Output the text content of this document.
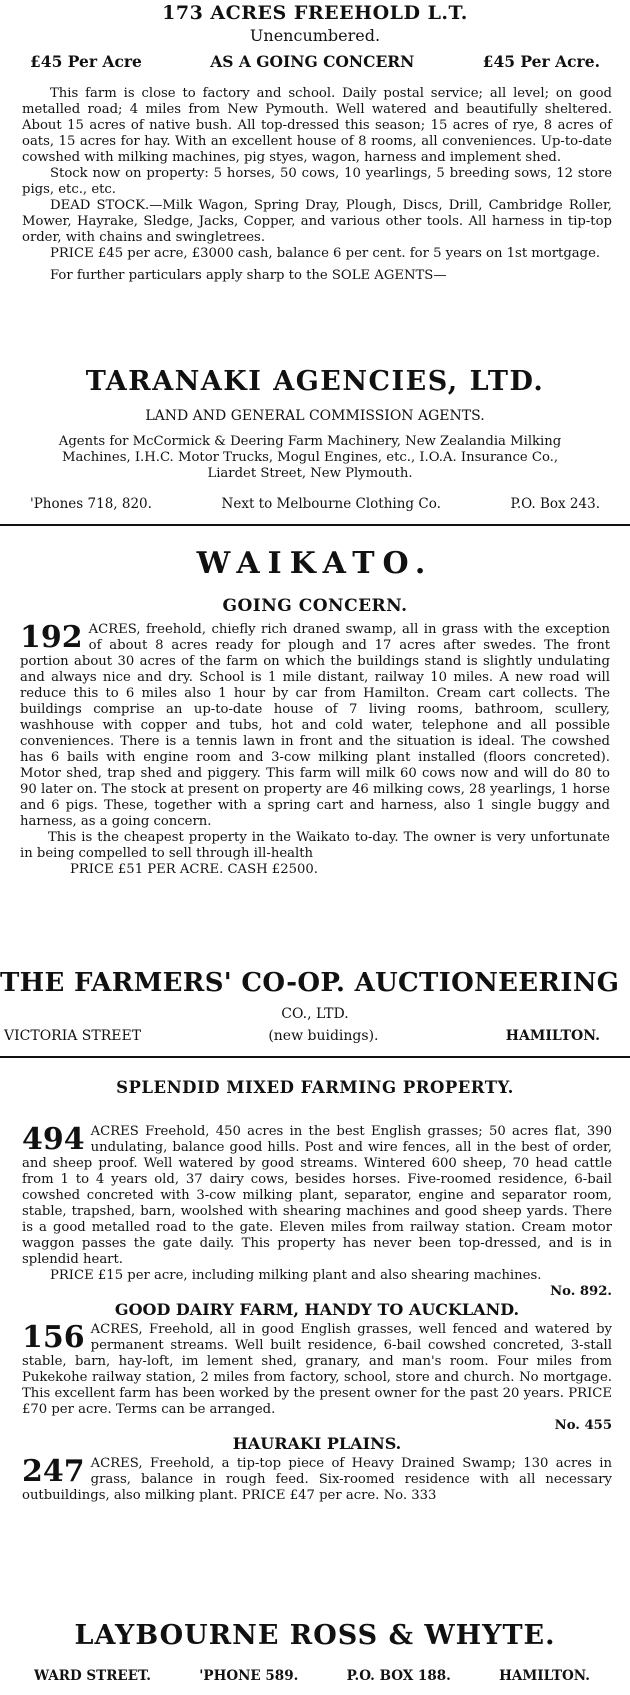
173 ACRES FREEHOLD L.T.
Unencumbered.
£45 Per Acre	AS A GOING CONCERN	£45 Per Acre.

This farm is close to factory and school. Daily postal service; all level; on good metalled road; 4 miles from New Pymouth. Well watered and beautifully sheltered. About 15 acres of native bush. All top-dressed this season; 15 acres of rye, 8 acres of oats, 15 acres for hay. With an excellent house of 8 rooms, all conveniences. Up-to-date cowshed with milking machines, pig styes, wagon, harness and implement shed.

Stock now on property: 5 horses, 50 cows, 10 yearlings, 5 breeding sows, 12 store pigs, etc., etc.

DEAD STOCK.—Milk Wagon, Spring Dray, Plough, Discs, Drill, Cambridge Roller, Mower, Hayrake, Sledge, Jacks, Copper, and various other tools. All harness in tip-top order, with chains and swingletrees.

PRICE £45 per acre, £3000 cash, balance 6 per cent. for 5 years on 1st mortgage.

For further particulars apply sharp to the SOLE AGENTS—

TARANAKI AGENCIES, LTD.
LAND AND GENERAL COMMISSION AGENTS.
Agents for McCormick & Deering Farm Machinery, New Zealandia Milking Machines, I.H.C. Motor Trucks, Mogul Engines, etc., I.O.A. Insurance Co., Liardet Street, New Plymouth.
'Phones 718, 820.	Next to Melbourne Clothing Co.	P.O. Box 243.
WAIKATO.
GOING CONCERN.

192 ACRES, freehold, chiefly rich draned swamp, all in grass with the exception of about 8 acres ready for plough and 17 acres after swedes. The front portion about 30 acres of the farm on which the buildings stand is slightly undulating and always nice and dry. School is 1 mile distant, railway 10 miles. A new road will reduce this to 6 miles also 1 hour by car from Hamilton. Cream cart collects. The buildings comprise an up-to-date house of 7 living rooms, bathroom, scullery, washhouse with copper and tubs, hot and cold water, telephone and all possible conveniences. There is a tennis lawn in front and the situation is ideal. The cowshed has 6 bails with engine room and 3-cow milking plant installed (floors concreted). Motor shed, trap shed and piggery. This farm will milk 60 cows now and will do 80 to 90 later on. The stock at present on property are 46 milking cows, 28 yearlings, 1 horse and 6 pigs. These, together with a spring cart and harness, also 1 single buggy and harness, as a going concern.

This is the cheapest property in the Waikato to-day. The owner is very unfortunate in being compelled to sell through ill-health

PRICE £51 PER ACRE. CASH £2500.

THE FARMERS' CO-OP. AUCTIONEERING
CO., LTD.
VICTORIA STREET	(new buidings).	HAMILTON.
SPLENDID MIXED FARMING PROPERTY.

494 ACRES Freehold, 450 acres in the best English grasses; 50 acres flat, 390 undulating, balance good hills. Post and wire fences, all in the best of order, and sheep proof. Well watered by good streams. Wintered 600 sheep, 70 head cattle from 1 to 4 years old, 37 dairy cows, besides horses. Five-roomed residence, 6-bail cowshed concreted with 3-cow milking plant, separator, engine and separator room, stable, trapshed, barn, woolshed with shearing machines and good sheep yards. There is a good metalled road to the gate. Eleven miles from railway station. Cream motor waggon passes the gate daily. This property has never been top-dressed, and is in splendid heart.

PRICE £15 per acre, including milking plant and also shearing machines.

No. 892.
GOOD DAIRY FARM, HANDY TO AUCKLAND.

156 ACRES, Freehold, all in good English grasses, well fenced and watered by permanent streams. Well built residence, 6-bail cowshed concreted, 3-stall stable, barn, hay-loft, im lement shed, granary, and man's room. Four miles from Pukekohe railway station, 2 miles from factory, school, store and church. No mortgage. This excellent farm has been worked by the present owner for the past 20 years. PRICE £70 per acre. Terms can be arranged.

No. 455
HAURAKI PLAINS.

247 ACRES, Freehold, a tip-top piece of Heavy Drained Swamp; 130 acres in grass, balance in rough feed. Six-roomed residence with all necessary outbuildings, also milking plant. PRICE £47 per acre. No. 333

LAYBOURNE ROSS & WHYTE.
WARD STREET.	'PHONE 589.	P.O. BOX 188.	HAMILTON.
